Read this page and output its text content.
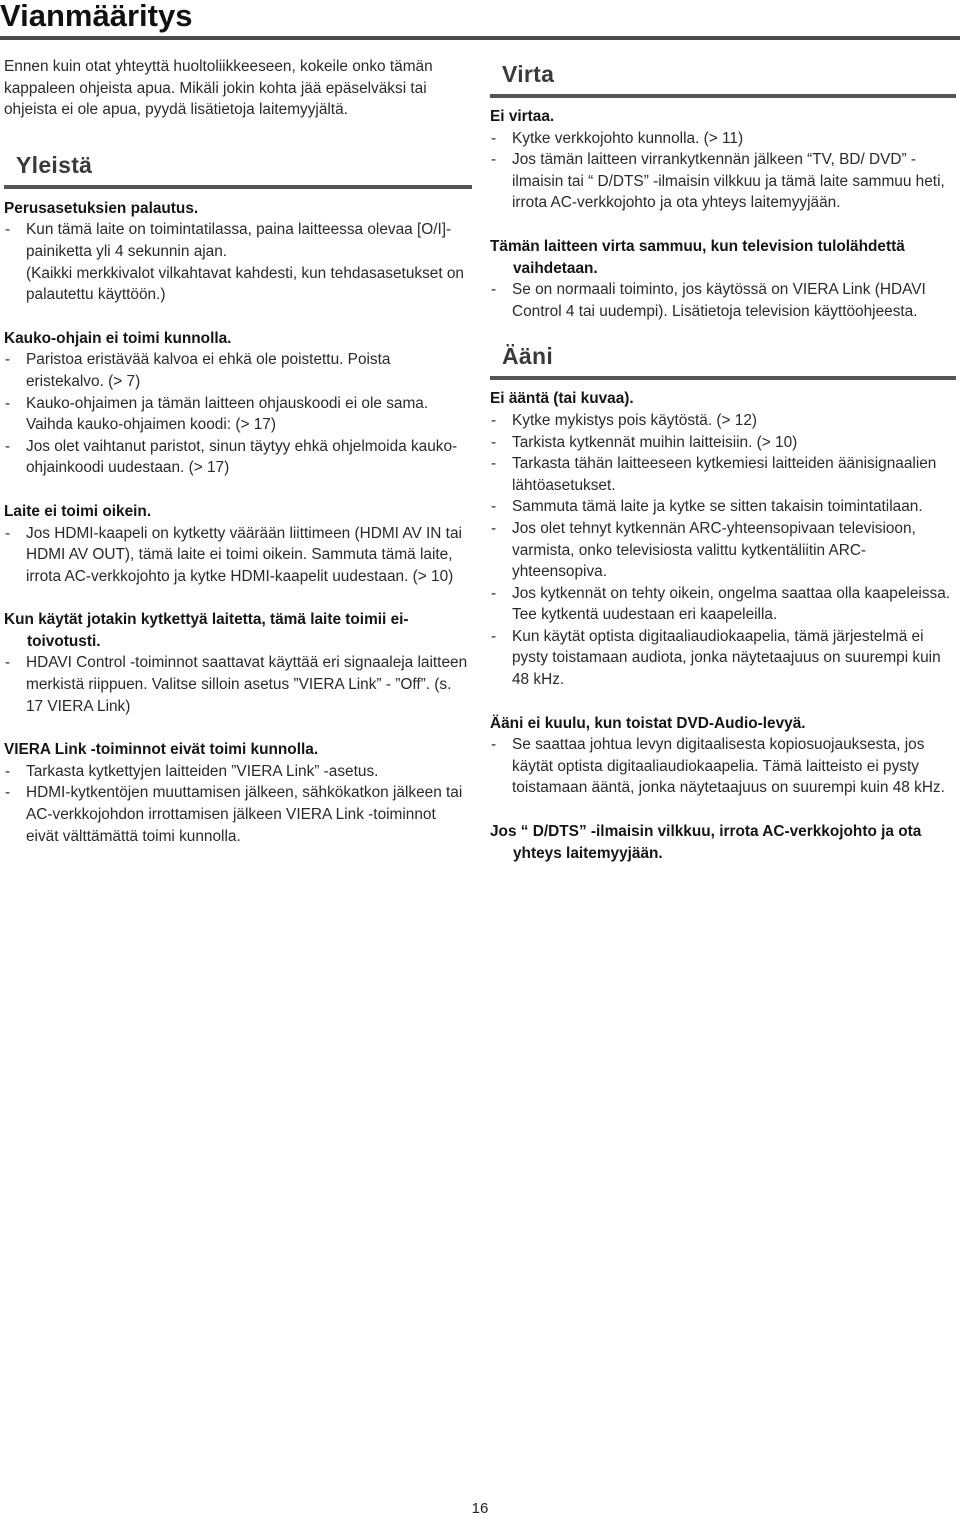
Vianmääritys

Ennen kuin otat yhteyttä huoltoliikkeeseen, kokeile onko tämän kappaleen ohjeista apua. Mikäli jokin kohta jää epäselväksi tai ohjeista ei ole apua, pyydä lisätietoja laitemyyjältä.

Yleistä

Perusasetuksien palautus.

- Kun tämä laite on toimintatilassa, paina laitteessa olevaa [O/I]-painiketta yli 4 sekunnin ajan.
(Kaikki merkkivalot vilkahtavat kahdesti, kun tehdasasetukset on palautettu käyttöön.)

Kauko-ohjain ei toimi kunnolla.

- Paristoa eristävää kalvoa ei ehkä ole poistettu. Poista eristekalvo. (> 7)
- Kauko-ohjaimen ja tämän laitteen ohjauskoodi ei ole sama. Vaihda kauko-ohjaimen koodi: (> 17)
- Jos olet vaihtanut paristot, sinun täytyy ehkä ohjelmoida kauko-ohjainkoodi uudestaan. (> 17)

Laite ei toimi oikein.

- Jos HDMI-kaapeli on kytketty väärään liittimeen (HDMI AV IN tai HDMI AV OUT), tämä laite ei toimi oikein. Sammuta tämä laite, irrota AC-verkkojohto ja kytke HDMI-kaapelit uudestaan. (> 10)

Kun käytät jotakin kytkettyä laitetta, tämä laite toimii ei-toivotusti.

- HDAVI Control -toiminnot saattavat käyttää eri signaaleja laitteen merkistä riippuen. Valitse silloin asetus ”VIERA Link” - ”Off”. (s. 17 VIERA Link)

VIERA Link -toiminnot eivät toimi kunnolla.

- Tarkasta kytkettyjen laitteiden ”VIERA Link” -asetus.
- HDMI-kytkentöjen muuttamisen jälkeen, sähkökatkon jälkeen tai AC-verkkojohdon irrottamisen jälkeen VIERA Link -toiminnot eivät välttämättä toimi kunnolla.
Virta

Ei virtaa.

- Kytke verkkojohto kunnolla. (> 11)
- Jos tämän laitteen virrankytkennän jälkeen “TV, BD/ DVD” -ilmaisin tai “ D/DTS” -ilmaisin vilkkuu ja tämä laite sammuu heti, irrota AC-verkkojohto ja ota yhteys laitemyyjään.

Tämän laitteen virta sammuu, kun television tulolähdettä vaihdetaan.

- Se on normaali toiminto, jos käytössä on VIERA Link (HDAVI Control 4 tai uudempi). Lisätietoja television käyttöohjeesta.
Ääni

Ei ääntä (tai kuvaa).

- Kytke mykistys pois käytöstä. (> 12)
- Tarkista kytkennät muihin laitteisiin. (> 10)
- Tarkasta tähän laitteeseen kytkemiesi laitteiden äänisignaalien lähtöasetukset.
- Sammuta tämä laite ja kytke se sitten takaisin toimintatilaan.
- Jos olet tehnyt kytkennän ARC-yhteensopivaan televisioon, varmista, onko televisiosta valittu kytkentäliitin ARC-yhteensopiva.
- Jos kytkennät on tehty oikein, ongelma saattaa olla kaapeleissa. Tee kytkentä uudestaan eri kaapeleilla.
- Kun käytät optista digitaaliaudiokaapelia, tämä järjestelmä ei pysty toistamaan audiota, jonka näytetaajuus on suurempi kuin 48 kHz.

Ääni ei kuulu, kun toistat DVD-Audio-levyä.

- Se saattaa johtua levyn digitaalisesta kopiosuojauksesta, jos käytät optista digitaaliaudiokaapelia. Tämä laitteisto ei pysty toistamaan ääntä, jonka näytetaajuus on suurempi kuin 48 kHz.

Jos “ D/DTS” -ilmaisin vilkkuu, irrota AC-verkkojohto ja ota yhteys laitemyyjään.

16
